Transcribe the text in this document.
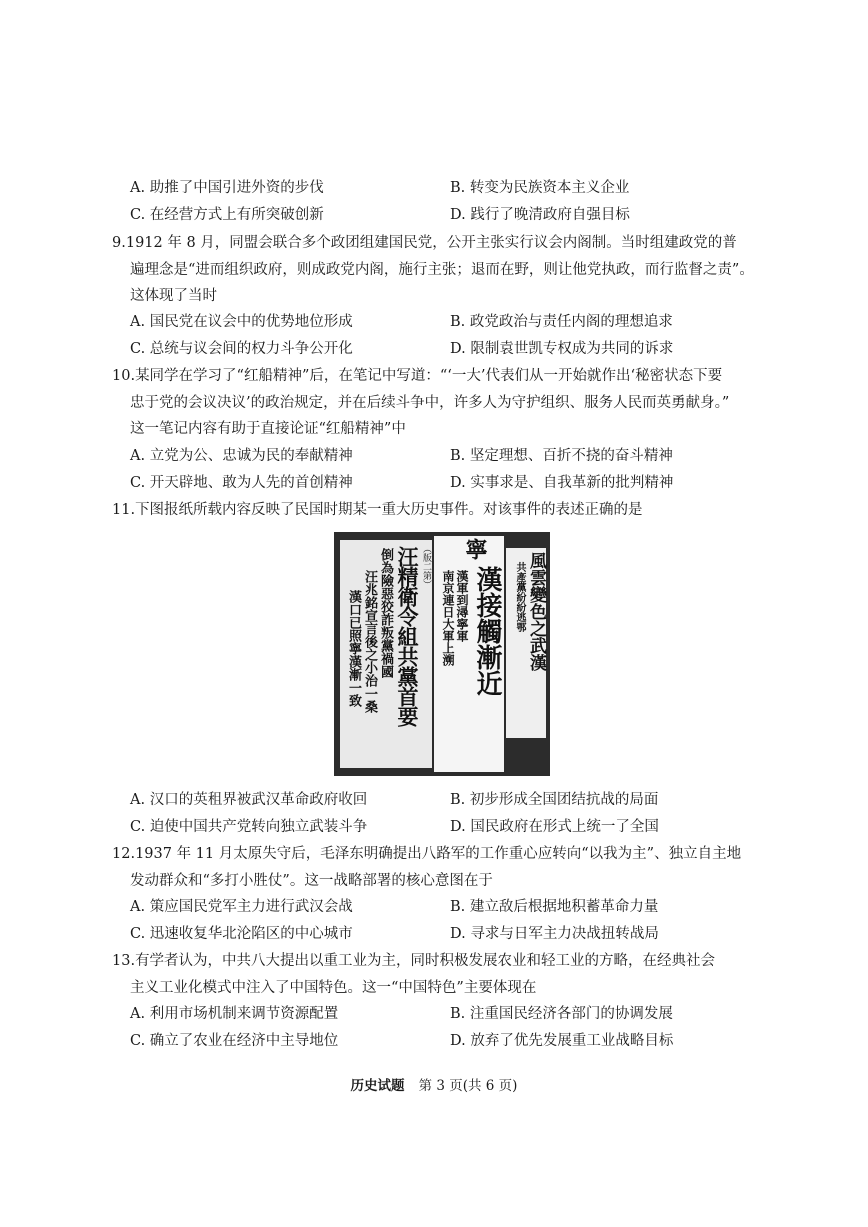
A. 助推了中国引进外资的步伐	B. 转变为民族资本主义企业
C. 在经营方式上有所突破创新	D. 践行了晚清政府自强目标
9.1912 年 8 月，同盟会联合多个政团组建国民党，公开主张实行议会内阁制。当时组建政党的普
遍理念是“进而组织政府，则成政党内阁，施行主张；退而在野，则让他党执政，而行监督之责”。
这体现了当时
A. 国民党在议会中的优势地位形成	B. 政党政治与责任内阁的理想追求
C. 总统与议会间的权力斗争公开化	D. 限制袁世凯专权成为共同的诉求
10.某同学在学习了“红船精神”后，在笔记中写道：“‘一大’代表们从一开始就作出‘秘密状态下要
忠于党的会议决议’的政治规定，并在后续斗争中，许多人为守护组织、服务人民而英勇献身。”
这一笔记内容有助于直接论证“红船精神”中
A. 立党为公、忠诚为民的奉献精神	B. 坚定理想、百折不挠的奋斗精神
C. 开天辟地、敢为人先的首创精神	D. 实事求是、自我革新的批判精神
11.下图报纸所载内容反映了民国时期某一重大历史事件。对该事件的表述正确的是
（版二第）
汪精衛令組共黨首要
倒為險惡狡詐叛黨禍國
汪兆銘宣言後之小治一桑
漢口已照寧漢漸一致
寧
漢接觸漸近
漢軍到潯寧軍
南京連日大軍上溯	風雲變色之武漢
共產黨紛紛逃鄂
A. 汉口的英租界被武汉革命政府收回	B. 初步形成全国团结抗战的局面
C. 迫使中国共产党转向独立武装斗争	D. 国民政府在形式上统一了全国
12.1937 年 11 月太原失守后，毛泽东明确提出八路军的工作重心应转向“以我为主”、独立自主地
发动群众和“多打小胜仗”。这一战略部署的核心意图在于
A. 策应国民党军主力进行武汉会战	B. 建立敌后根据地积蓄革命力量
C. 迅速收复华北沦陷区的中心城市	D. 寻求与日军主力决战扭转战局
13.有学者认为，中共八大提出以重工业为主，同时积极发展农业和轻工业的方略，在经典社会
主义工业化模式中注入了中国特色。这一“中国特色”主要体现在
A. 利用市场机制来调节资源配置	B. 注重国民经济各部门的协调发展
C. 确立了农业在经济中主导地位	D. 放弃了优先发展重工业战略目标
历史试题 第 3 页(共 6 页)
